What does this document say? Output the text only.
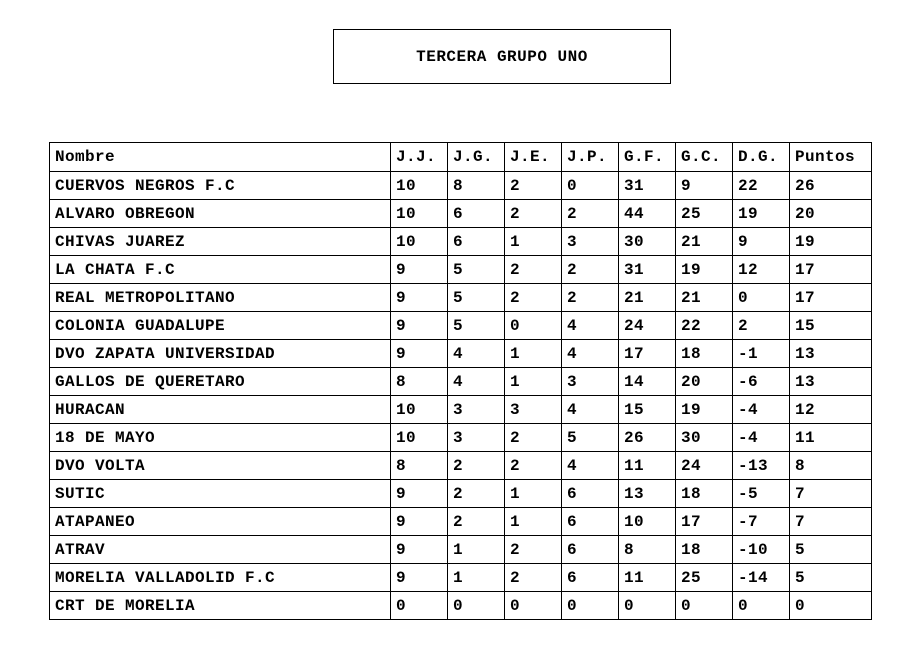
TERCERA GRUPO UNO
Nombre	J.J.	J.G.	J.E.	J.P.	G.F.	G.C.	D.G.	Puntos
CUERVOS NEGROS F.C	10	8	2	0	31	9	22	26
ALVARO OBREGON	10	6	2	2	44	25	19	20
CHIVAS JUAREZ	10	6	1	3	30	21	9	19
LA CHATA F.C	9	5	2	2	31	19	12	17
REAL METROPOLITANO	9	5	2	2	21	21	0	17
COLONIA GUADALUPE	9	5	0	4	24	22	2	15
DVO ZAPATA UNIVERSIDAD	9	4	1	4	17	18	-1	13
GALLOS DE QUERETARO	8	4	1	3	14	20	-6	13
HURACAN	10	3	3	4	15	19	-4	12
18 DE MAYO	10	3	2	5	26	30	-4	11
DVO VOLTA	8	2	2	4	11	24	-13	8
SUTIC	9	2	1	6	13	18	-5	7
ATAPANEO	9	2	1	6	10	17	-7	7
ATRAV	9	1	2	6	8	18	-10	5
MORELIA VALLADOLID F.C	9	1	2	6	11	25	-14	5
CRT DE MORELIA	0	0	0	0	0	0	0	0
